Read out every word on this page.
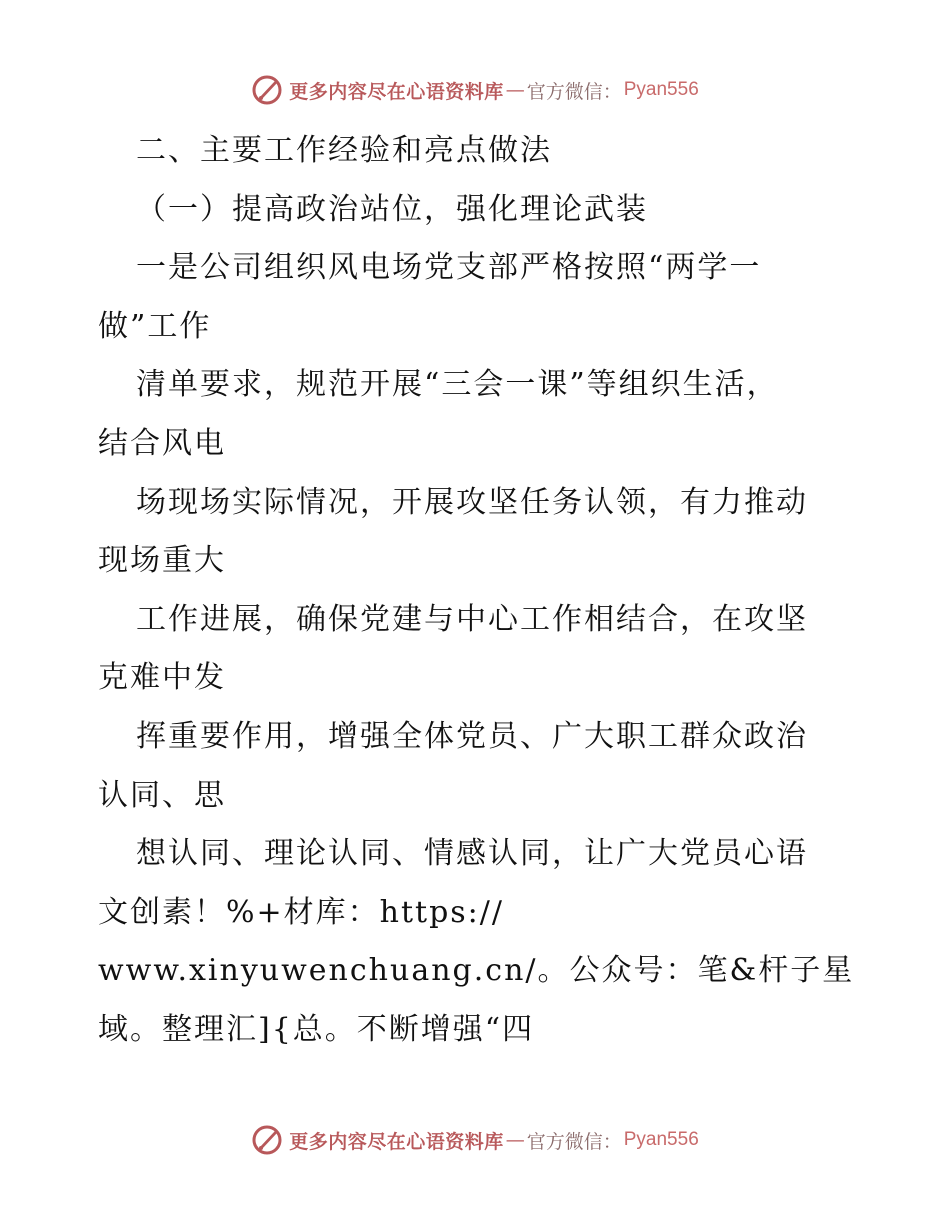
更多内容尽在心语资料库 — 官方微信： Pyan556
二、主要工作经验和亮点做法
（一）提高政治站位，强化理论武装
一是公司组织风电场党支部严格按照“两学一
做”工作
清单要求，规范开展“三会一课”等组织生活，
结合风电
场现场实际情况，开展攻坚任务认领，有力推动
现场重大
工作进展，确保党建与中心工作相结合，在攻坚
克难中发
挥重要作用，增强全体党员、广大职工群众政治
认同、思
想认同、理论认同、情感认同，让广大党员心语
文创素！%+材库：https://
www.xinyuwenchuang.cn/。公众号：笔&杆子星
域。整理汇]{总。不断增强“四
更多内容尽在心语资料库 — 官方微信： Pyan556
